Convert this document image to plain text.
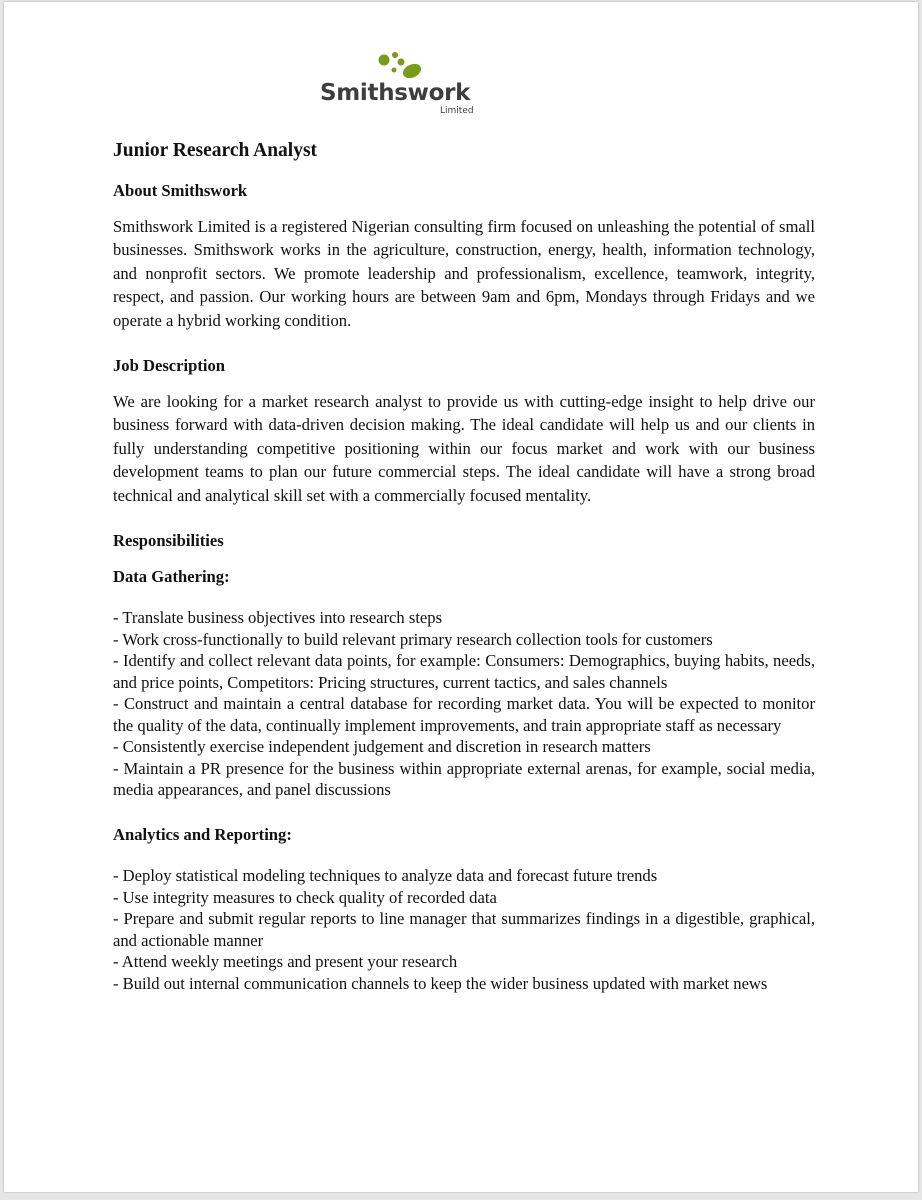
Smithswork
Limited
Junior Research Analyst
About Smithswork

Smithswork Limited is a registered Nigerian consulting firm focused on unleashing the potential of small businesses. Smithswork works in the agriculture, construction, energy, health, information technology, and nonprofit sectors. We promote leadership and professionalism, excellence, teamwork, integrity, respect, and passion. Our working hours are between 9am and 6pm, Mondays through Fridays and we operate a hybrid working condition.

Job Description

We are looking for a market research analyst to provide us with cutting-edge insight to help drive our business forward with data-driven decision making. The ideal candidate will help us and our clients in fully understanding competitive positioning within our focus market and work with our business development teams to plan our future commercial steps. The ideal candidate will have a strong broad technical and analytical skill set with a commercially focused mentality.

Responsibilities
Data Gathering:
- Translate business objectives into research steps
- Work cross-functionally to build relevant primary research collection tools for customers
- Identify and collect relevant data points, for example: Consumers: Demographics, buying habits, needs, and price points, Competitors: Pricing structures, current tactics, and sales channels
- Construct and maintain a central database for recording market data. You will be expected to monitor the quality of the data, continually implement improvements, and train appropriate staff as necessary
- Consistently exercise independent judgement and discretion in research matters
- Maintain a PR presence for the business within appropriate external arenas, for example, social media, media appearances, and panel discussions
Analytics and Reporting:
- Deploy statistical modeling techniques to analyze data and forecast future trends
- Use integrity measures to check quality of recorded data
- Prepare and submit regular reports to line manager that summarizes findings in a digestible, graphical, and actionable manner
- Attend weekly meetings and present your research
- Build out internal communication channels to keep the wider business updated with market news
